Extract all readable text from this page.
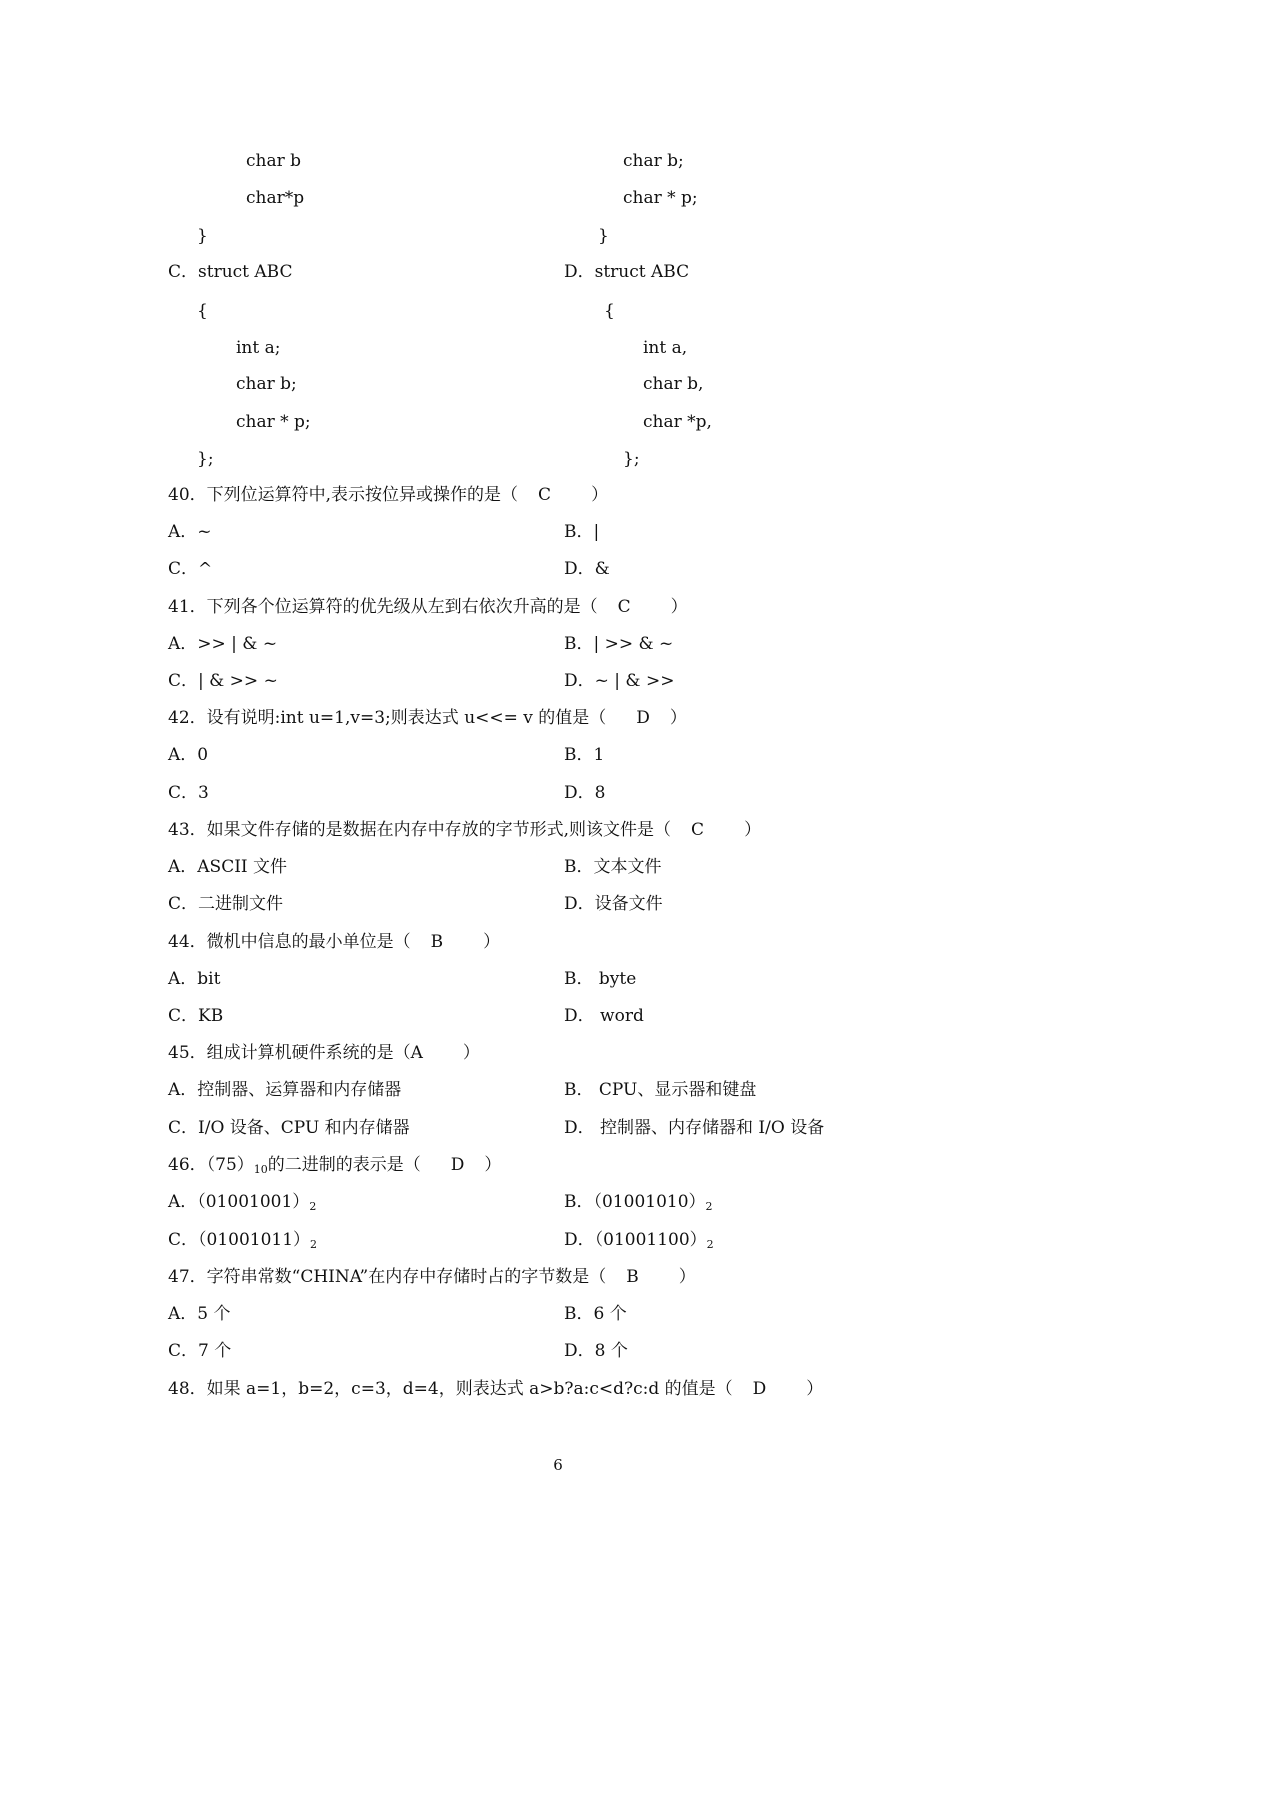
char b
char*p
}
char b;
char * p;
}
C．struct ABC
{
int a;
char b;
char * p;
};
D．struct ABC
{
int a,
char b,
char *p,
};
40．下列位运算符中,表示按位异或操作的是（ C ）
A．~	B．|
C．^	D．&
41．下列各个位运算符的优先级从左到右依次升高的是（ C ）
A．>> | & ~	B．| >> & ~
C．| & >> ~	D．~ | & >>
42．设有说明:int u=1,v=3;则表达式 u<<= v 的值是（ D ）
A．0	B．1
C．3	D．8
43．如果文件存储的是数据在内存中存放的字节形式,则该文件是（ C ）
A．ASCII 文件	B．文本文件
C．二进制文件	D．设备文件
44．微机中信息的最小单位是（ B ）
A．bit	B． byte
C．KB	D． word
45．组成计算机硬件系统的是（A ）
A．控制器、运算器和内存储器	B． CPU、显示器和键盘
C．I/O 设备、CPU 和内存储器	D． 控制器、内存储器和 I/O 设备
46．$(75)_{10}$的二进制的表示是（ D ）
A．$(01001001)_2$	B．$(01001010)_2$
C．$(01001011)_2$	D．$(01001100)_2$
47．字符串常数“CHINA”在内存中存储时占的字节数是（ B ）
A．5 个	B．6 个
C．7 个	D．8 个
48．如果 a=1，b=2，c=3，d=4，则表达式 a>b?a:c<d?c:d 的值是（ D ）
6
